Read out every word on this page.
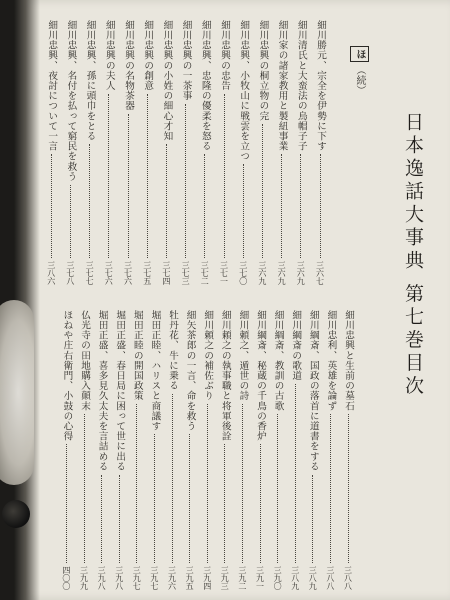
日本逸話大事典 第七巻目次
ほ（続）
細川勝元、宗全を伊勢に下す
三六七
細川清氏と大蛮法の烏帽子子
三六九
細川家の諸家教用と製紐事業
三六九
細川忠興の桐立物の完
三六九
細川忠興、小牧山に戦雲を立つ
三七〇
細川忠興の忠告
三七一
細川忠興、忠隆の優柔を怒る
三七二
細川忠興の一茶事
三七三
細川忠興の小姓の細心才知
三七四
細川忠興の創意
三七五
細川忠興の名物茶器
三七六
細川忠興の夫人
三七六
細川忠興、孫に頭巾をとる
三七七
細川忠興、名付を払って窮民を救う
三七八
細川忠興、夜討について一言
三八六
細川忠興と生前の墓石
三八八
細川忠利、英雄を論ず
三八八
細川綱斎、国政の落首に道書をする
三八九
細川綱斎の歌道
三八九
細川綱斎、教訓の古歌
三九〇
細川綱斎、秘蔵の千鳥の香炉
三九一
細川頼之、遁世の詩
三九二
細川頼之の執事職と将軍後詮
三九三
細川頼之の補佐ぶり
三九四
細矢茶郎の一言、命を救う
三九五
牡丹花、牛に乗る
三九六
堀田正睦、ハリスと商議す
三九七
堀田正睦の開国政策
三九七
堀田正盛、春日局に困って世に出る
三九八
堀田正盛、喜多見久太夫を言詰める
三九八
仏光寺の田地購入顛末
三九九
ほねや庄右衛門、小鼓の心得
四〇〇
